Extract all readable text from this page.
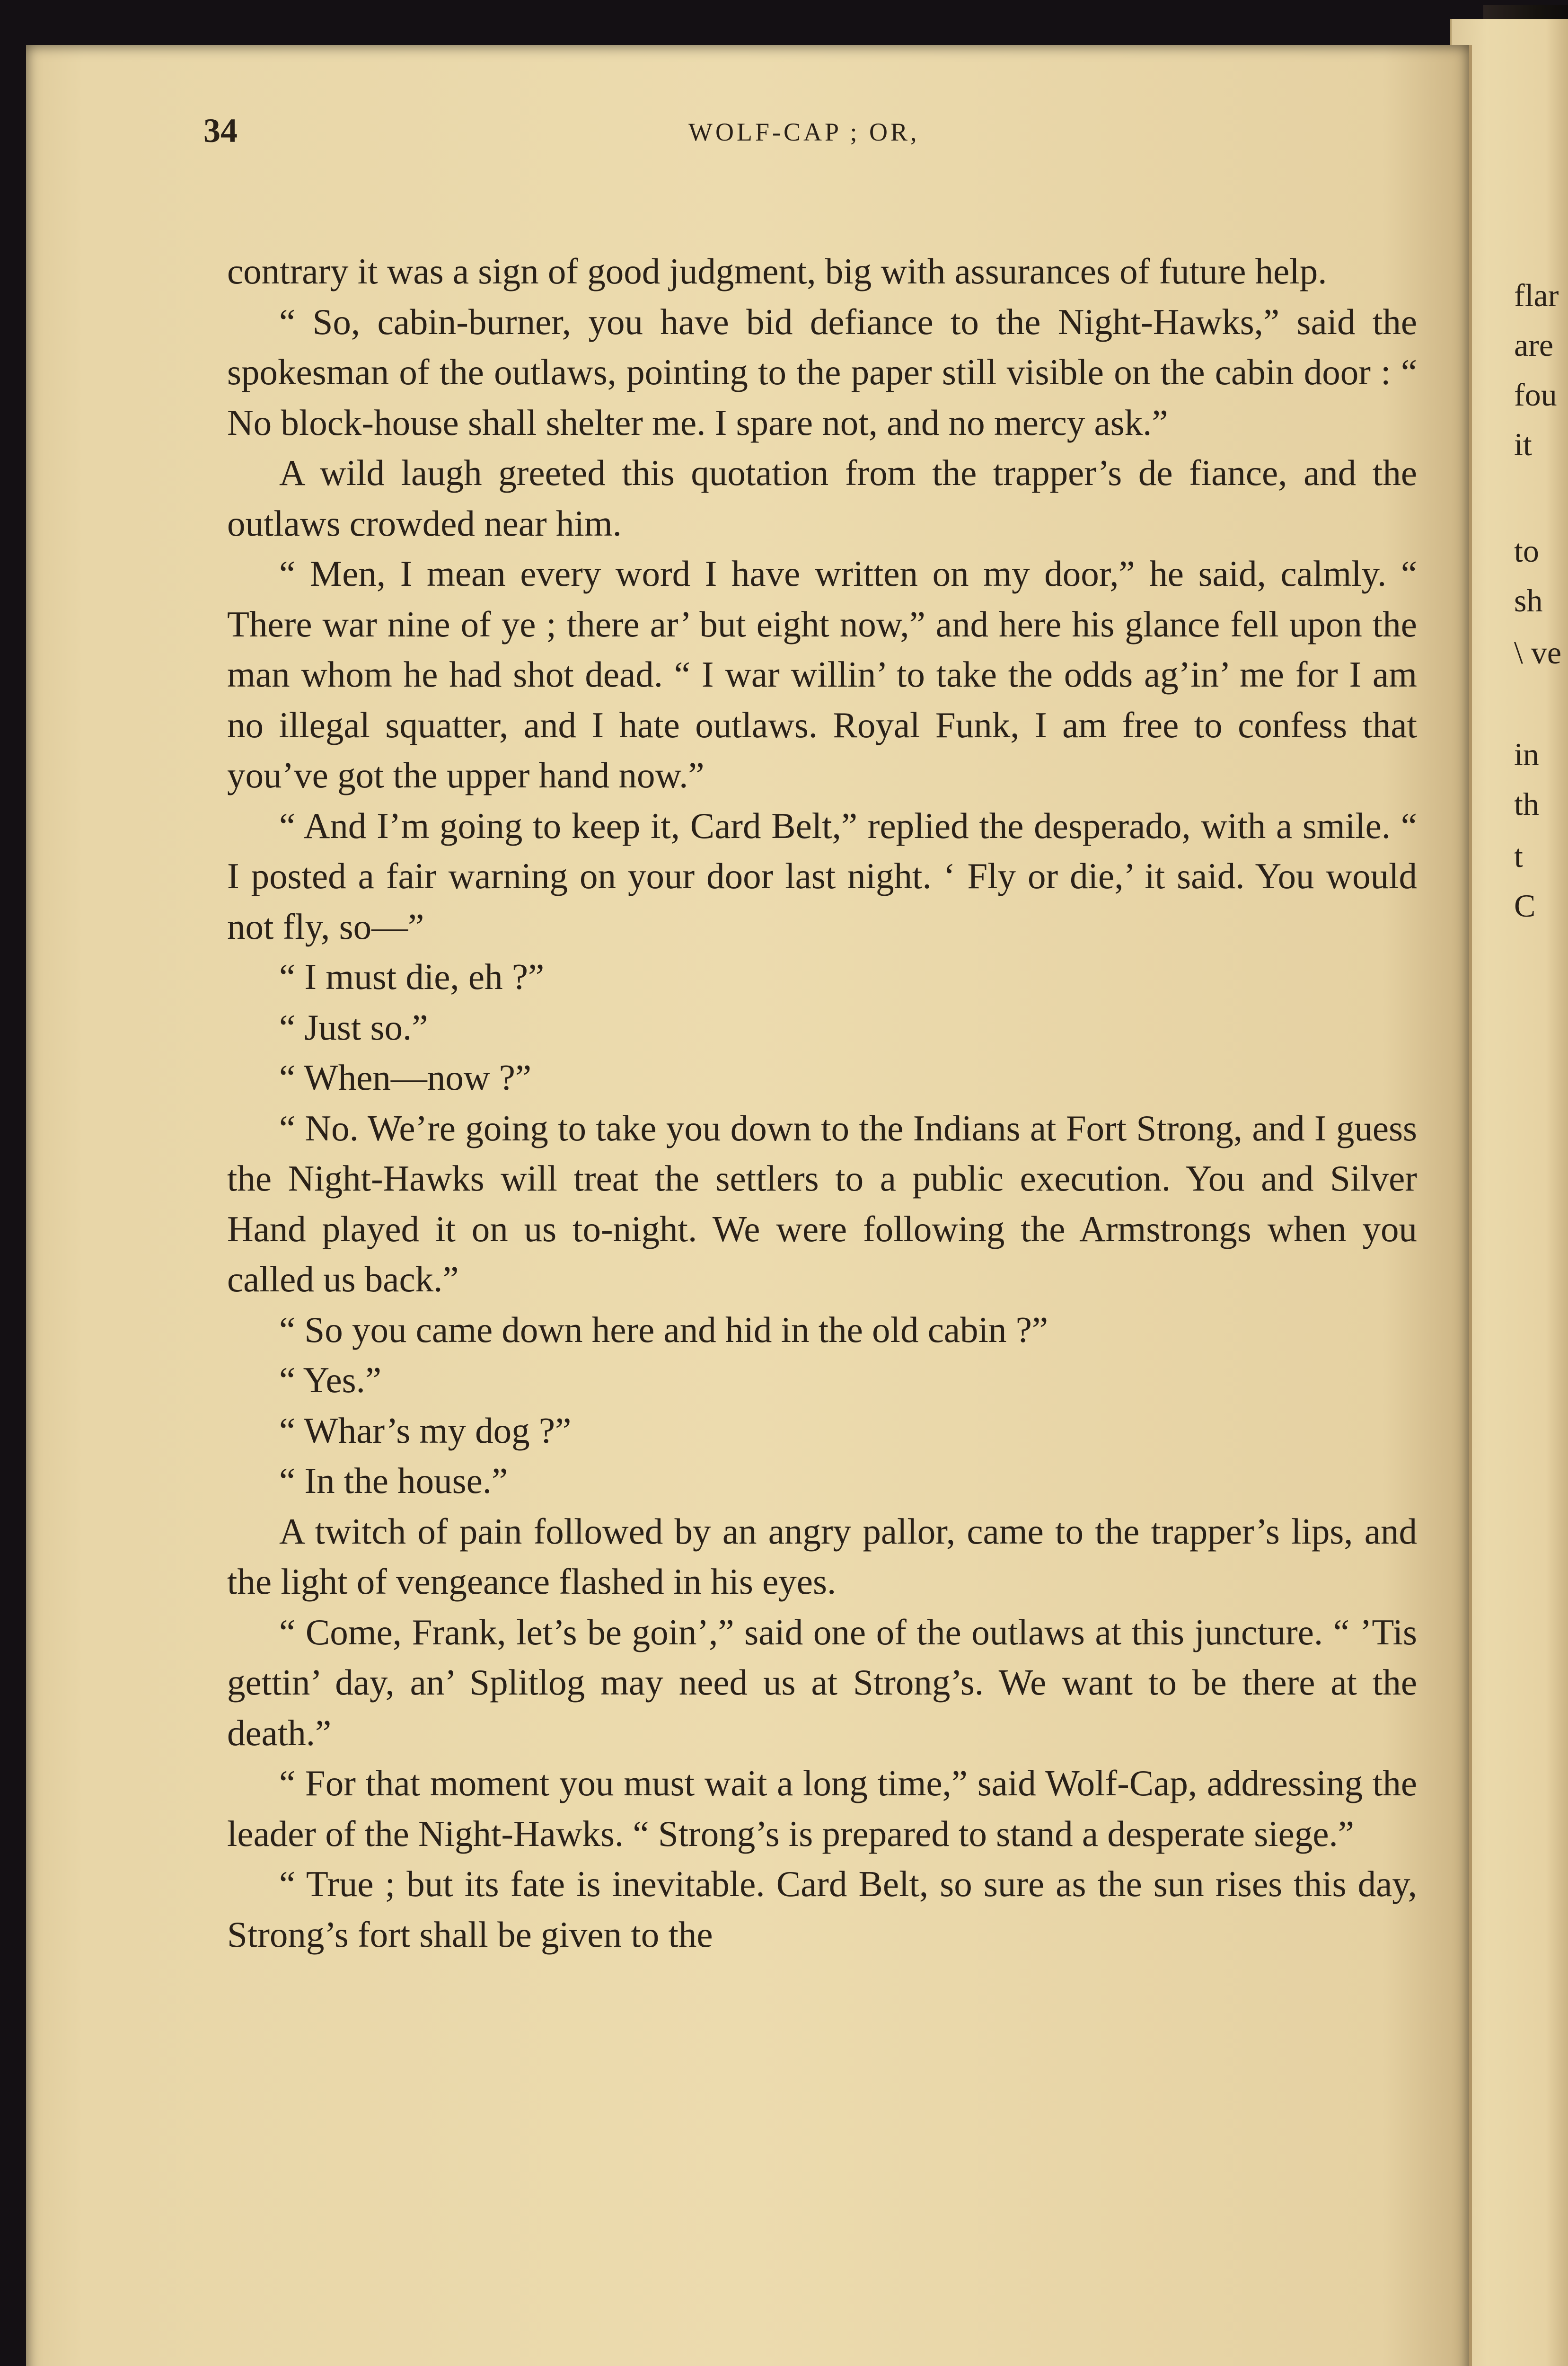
flar
are
fou
it
to
sh
\ ve
in
th
t
C
34	WOLF-CAP ; OR,

contrary it was a sign of good judgment, big with assurances of future help.

“ So, cabin-burner, you have bid defiance to the Night-Hawks,” said the spokesman of the outlaws, pointing to the paper still visible on the cabin door : “ No block-house shall shelter me. I spare not, and no mercy ask.”

A wild laugh greeted this quotation from the trapper’s de fiance, and the outlaws crowded near him.

“ Men, I mean every word I have written on my door,” he said, calmly. “ There war nine of ye ; there ar’ but eight now,” and here his glance fell upon the man whom he had shot dead. “ I war willin’ to take the odds ag’in’ me for I am no illegal squatter, and I hate outlaws. Royal Funk, I am free to confess that you’ve got the upper hand now.”

“ And I’m going to keep it, Card Belt,” replied the desperado, with a smile. “ I posted a fair warning on your door last night. ‘ Fly or die,’ it said. You would not fly, so—”

“ I must die, eh ?”

“ Just so.”

“ When—now ?”

“ No. We’re going to take you down to the Indians at Fort Strong, and I guess the Night-Hawks will treat the settlers to a public execution. You and Silver Hand played it on us to-night. We were following the Armstrongs when you called us back.”

“ So you came down here and hid in the old cabin ?”

“ Yes.”

“ Whar’s my dog ?”

“ In the house.”

A twitch of pain followed by an angry pallor, came to the trapper’s lips, and the light of vengeance flashed in his eyes.

“ Come, Frank, let’s be goin’,” said one of the outlaws at this juncture. “ ’Tis gettin’ day, an’ Splitlog may need us at Strong’s. We want to be there at the death.”

“ For that moment you must wait a long time,” said Wolf-Cap, addressing the leader of the Night-Hawks. “ Strong’s is prepared to stand a desperate siege.”

“ True ; but its fate is inevitable. Card Belt, so sure as the sun rises this day, Strong’s fort shall be given to the
